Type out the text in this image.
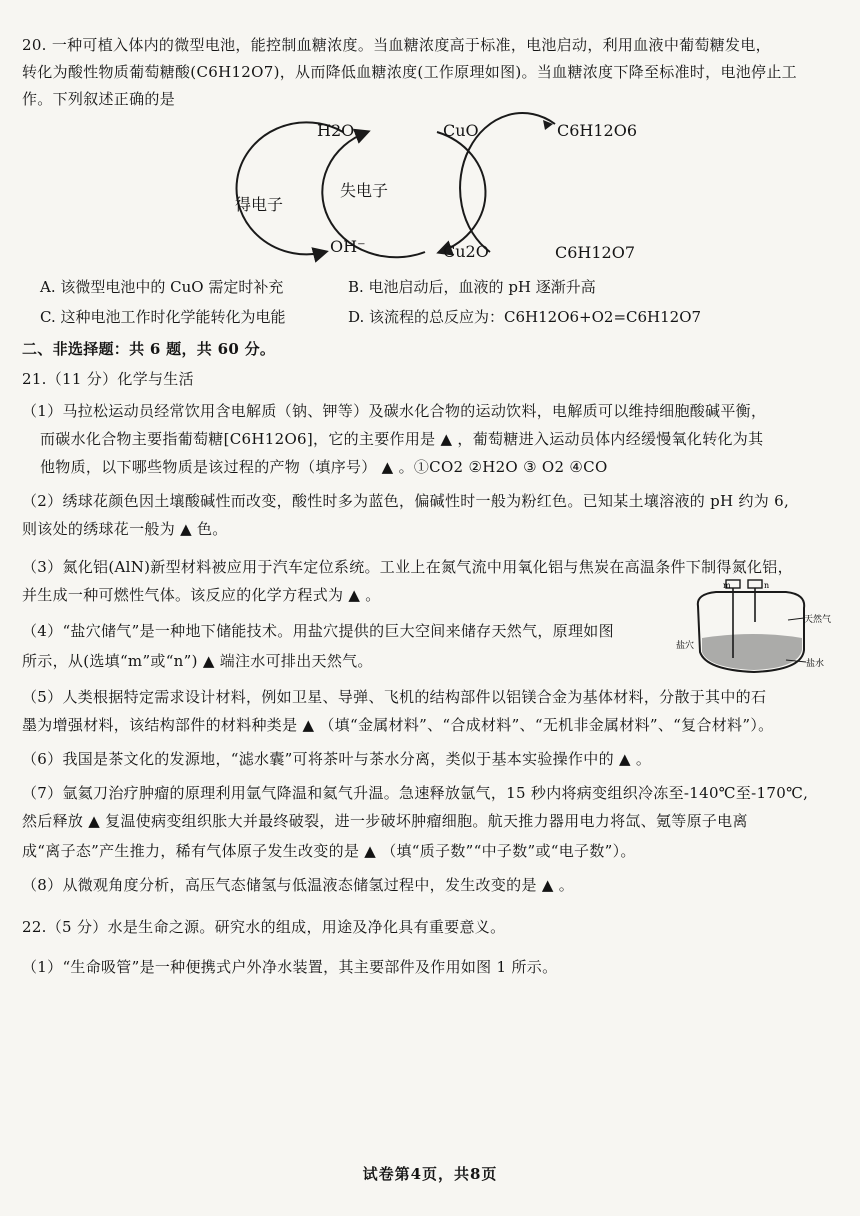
20. 一种可植入体内的微型电池，能控制血糖浓度。当血糖浓度高于标准，电池启动，利用血液中葡萄糖发电，
转化为酸性物质葡萄糖酸(C6H12O7)，从而降低血糖浓度(工作原理如图)。当血糖浓度下降至标准时，电池停止工
作。下列叙述正确的是
H2O
OH⁻
CuO
Cu2O
C6H12O6
C6H12O7
得电子
失电子
A. 该微型电池中的 CuO 需定时补充	B. 电池启动后，血液的 pH 逐渐升高
C. 这种电池工作时化学能转化为电能	D. 该流程的总反应为：C6H12O6+O2=C6H12O7
二、非选择题：共 6 题，共 60 分。
21.（11 分）化学与生活
（1）马拉松运动员经常饮用含电解质（钠、钾等）及碳水化合物的运动饮料，电解质可以维持细胞酸碱平衡，
而碳水化合物主要指葡萄糖[C6H12O6]，它的主要作用是 ▲ ，葡萄糖进入运动员体内经缓慢氧化转化为其
他物质，以下哪些物质是该过程的产物（填序号） ▲ 。①CO2 ②H2O ③ O2 ④CO
（2）绣球花颜色因土壤酸碱性而改变，酸性时多为蓝色，偏碱性时一般为粉红色。已知某土壤溶液的 pH 约为 6,
则该处的绣球花一般为 ▲ 色。
（3）氮化铝(AlN)新型材料被应用于汽车定位系统。工业上在氮气流中用氧化铝与焦炭在高温条件下制得氮化铝，
并生成一种可燃性气体。该反应的化学方程式为 ▲ 。
（4）“盐穴储气”是一种地下储能技术。用盐穴提供的巨大空间来储存天然气，原理如图
所示，从(选填“m”或“n”) ▲ 端注水可排出天然气。
m	n
天然气
盐穴
盐水
（5）人类根据特定需求设计材料，例如卫星、导弹、飞机的结构部件以铝镁合金为基体材料，分散于其中的石
墨为增强材料，该结构部件的材料种类是 ▲ （填“金属材料”、“合成材料”、“无机非金属材料”、“复合材料”）。
（6）我国是茶文化的发源地，“滤水囊”可将茶叶与茶水分离，类似于基本实验操作中的 ▲ 。
（7）氩氦刀治疗肿瘤的原理利用氩气降温和氦气升温。急速释放氩气，15 秒内将病变组织冷冻至-140℃至-170℃,
然后释放 ▲ 复温使病变组织胀大并最终破裂，进一步破坏肿瘤细胞。航天推力器用电力将氙、氪等原子电离
成“离子态”产生推力，稀有气体原子发生改变的是 ▲ （填“质子数”“中子数”或“电子数”）。
（8）从微观角度分析，高压气态储氢与低温液态储氢过程中，发生改变的是 ▲ 。
22.（5 分）水是生命之源。研究水的组成，用途及净化具有重要意义。
（1）“生命吸管”是一种便携式户外净水装置，其主要部件及作用如图 1 所示。
试卷第4页，共8页
